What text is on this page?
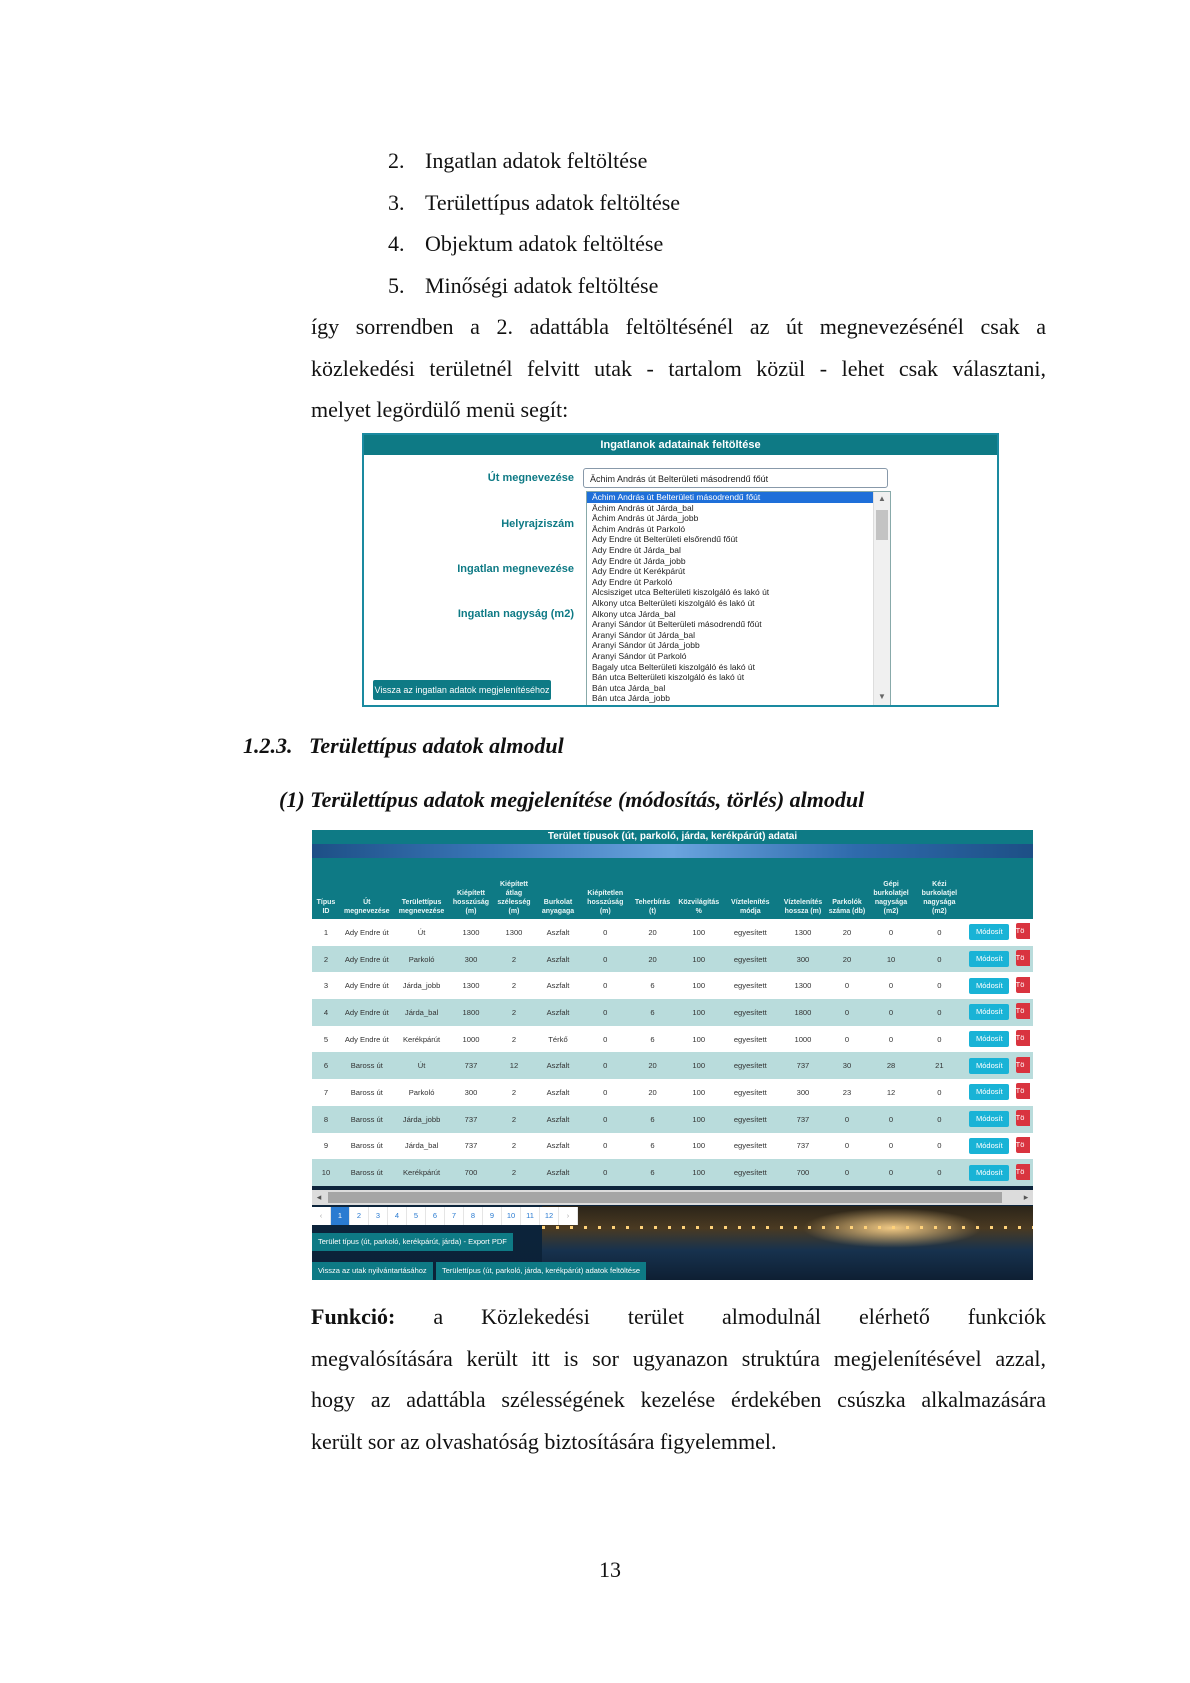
2. Ingatlan adatok feltöltése
3. Területtípus adatok feltöltése
4. Objektum adatok feltöltése
5. Minőségi adatok feltöltése
így sorrendben a 2. adattábla feltöltésénél az út megnevezésénél csak a
közlekedési területnél felvitt utak - tartalom közül - lehet csak választani,
melyet legördülő menü segít:
Ingatlanok adatainak feltöltése
Út megnevezése
Helyrajziszám
Ingatlan megnevezése
Ingatlan nagyság (m2)
Ächim András út Belterületi másodrendű főút
Ächim András út Belterületi másodrendű főút
Ächim András út Járda_bal
Ächim András út Járda_jobb
Ächim András út Parkoló
Ady Endre út Belterületi elsőrendű főút
Ady Endre út Járda_bal
Ady Endre út Járda_jobb
Ady Endre út Kerékpárút
Ady Endre út Parkoló
Alcsisziget utca Belterületi kiszolgáló és lakó út
Alkony utca Belterületi kiszolgáló és lakó út
Alkony utca Járda_bal
Aranyi Sándor út Belterületi másodrendű főút
Aranyi Sándor út Járda_bal
Aranyi Sándor út Járda_jobb
Aranyi Sándor út Parkoló
Bagaly utca Belterületi kiszolgáló és lakó út
Bán utca Belterületi kiszolgáló és lakó út
Bán utca Járda_bal
Bán utca Járda_jobb
▲
▼
Vissza az ingatlan adatok megjelenítéséhoz
1.2.3.   Területtípus adatok almodul
(1) Területtípus adatok megjelenítése (módosítás, törlés) almodul
Terület típusok (út, parkoló, járda, kerékpárút) adatai
Típus ID	Út megnevezése	Területtípus megnevezése	Kiépített hosszúság (m)	Kiépített átlag szélesség (m)	Burkolat anyagaga	Kiépítetlen hosszúság (m)	Teherbírás (t)	Közvilágítás %	Víztelenítés módja	Víztelenítés hossza (m)	Parkolók száma (db)	Gépi burkolatjel nagysága (m2)	Kézi burkolatjel nagysága (m2)		
1	Ady Endre út	Út	1300	1300	Aszfalt	0	20	100	egyesített	1300	20	0	0	Módosít	Tö
2	Ady Endre út	Parkoló	300	2	Aszfalt	0	20	100	egyesített	300	20	10	0	Módosít	Tö
3	Ady Endre út	Járda_jobb	1300	2	Aszfalt	0	6	100	egyesített	1300	0	0	0	Módosít	Tö
4	Ady Endre út	Járda_bal	1800	2	Aszfalt	0	6	100	egyesített	1800	0	0	0	Módosít	Tö
5	Ady Endre út	Kerékpárút	1000	2	Térkő	0	6	100	egyesített	1000	0	0	0	Módosít	Tö
6	Baross út	Út	737	12	Aszfalt	0	20	100	egyesített	737	30	28	21	Módosít	Tö
7	Baross út	Parkoló	300	2	Aszfalt	0	20	100	egyesített	300	23	12	0	Módosít	Tö
8	Baross út	Járda_jobb	737	2	Aszfalt	0	6	100	egyesített	737	0	0	0	Módosít	Tö
9	Baross út	Járda_bal	737	2	Aszfalt	0	6	100	egyesített	737	0	0	0	Módosít	Tö
10	Baross út	Kerékpárút	700	2	Aszfalt	0	6	100	egyesített	700	0	0	0	Módosít	Tö
◂	▸
‹	1	2	3	4	5	6	7	8	9	10	11	12	›
Terület típus (út, parkoló, kerékpárút, járda) - Export PDF
Vissza az utak nyilvántartásához	Területtípus (út, parkoló, járda, kerékpárút) adatok feltöltése
Funkció: a Közlekedési terület almodulnál elérhető funkciók
megvalósítására került itt is sor ugyanazon struktúra megjelenítésével azzal,
hogy az adattábla szélességének kezelése érdekében csúszka alkalmazására
került sor az olvashatóság biztosítására figyelemmel.
13
